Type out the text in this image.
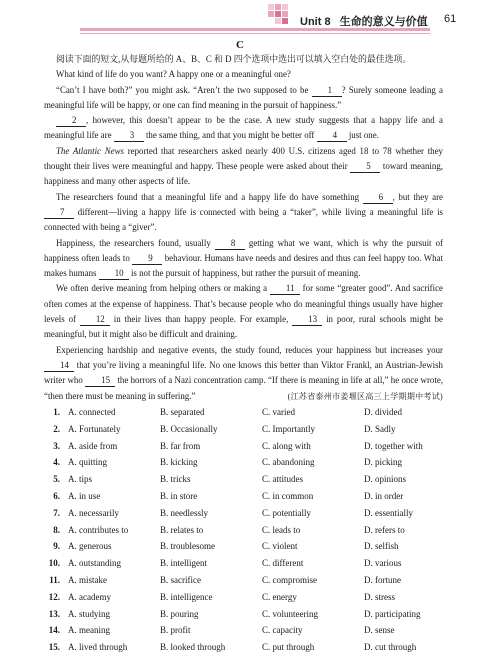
Unit 8 生命的意义与价值	61
C

阅读下面的短文,从每题所给的 A、B、C 和 D 四个选项中选出可以填入空白处的最佳选项。

What kind of life do you want? A happy one or a meaningful one?

“Can’t I have both?” you might ask. “Aren’t the two supposed to be 1 ? Surely someone leading a meaningful life will be happy, or one can find meaning in the pursuit of happiness.”

2 , however, this doesn’t appear to be the case. A new study suggests that a happy life and a meaningful life are 3 the same thing, and that you might be better off 4 just one.

The Atlantic News reported that researchers asked nearly 400 U.S. citizens aged 18 to 78 whether they thought their lives were meaningful and happy. These people were asked about their 5 toward meaning, happiness and many other aspects of life.

The researchers found that a meaningful life and a happy life do have something 6 , but they are 7 different—living a happy life is connected with being a “taker”, while living a meaningful life is connected with being a “giver”.

Happiness, the researchers found, usually 8 getting what we want, which is why the pursuit of happiness often leads to 9 behaviour. Humans have needs and desires and thus can feel happy too. What makes humans 10 is not the pursuit of happiness, but rather the pursuit of meaning.

We often derive meaning from helping others or making a 11 for some “greater good”. And sacrifice often comes at the expense of happiness. That’s because people who do meaningful things usually have higher levels of 12 in their lives than happy people. For example, 13 in poor, rural schools might be meaningful, but it might also be difficult and draining.

Experiencing hardship and negative events, the study found, reduces your happiness but increases your 14 that you’re living a meaningful life. No one knows this better than Viktor Frankl, an Austrian-Jewish writer who 15 the horrors of a Nazi concentration camp. “If there is meaning in life at all,” he once wrote, “then there must be meaning in suffering.”	(江苏省泰州市姜堰区高三上学期期中考试)

1. A. connected	B. separated	C. varied	D. divided
2. A. Fortunately	B. Occasionally	C. Importantly	D. Sadly
3. A. aside from	B. far from	C. along with	D. together with
4. A. quitting	B. kicking	C. abandoning	D. picking
5. A. tips	B. tricks	C. attitudes	D. opinions
6. A. in use	B. in store	C. in common	D. in order
7. A. necessarily	B. needlessly	C. potentially	D. essentially
8. A. contributes to	B. relates to	C. leads to	D. refers to
9. A. generous	B. troublesome	C. violent	D. selfish
10. A. outstanding	B. intelligent	C. different	D. various
11. A. mistake	B. sacrifice	C. compromise	D. fortune
12. A. academy	B. intelligence	C. energy	D. stress
13. A. studying	B. pouring	C. volunteering	D. participating
14. A. meaning	B. profit	C. capacity	D. sense
15. A. lived through	B. looked through	C. put through	D. cut through
